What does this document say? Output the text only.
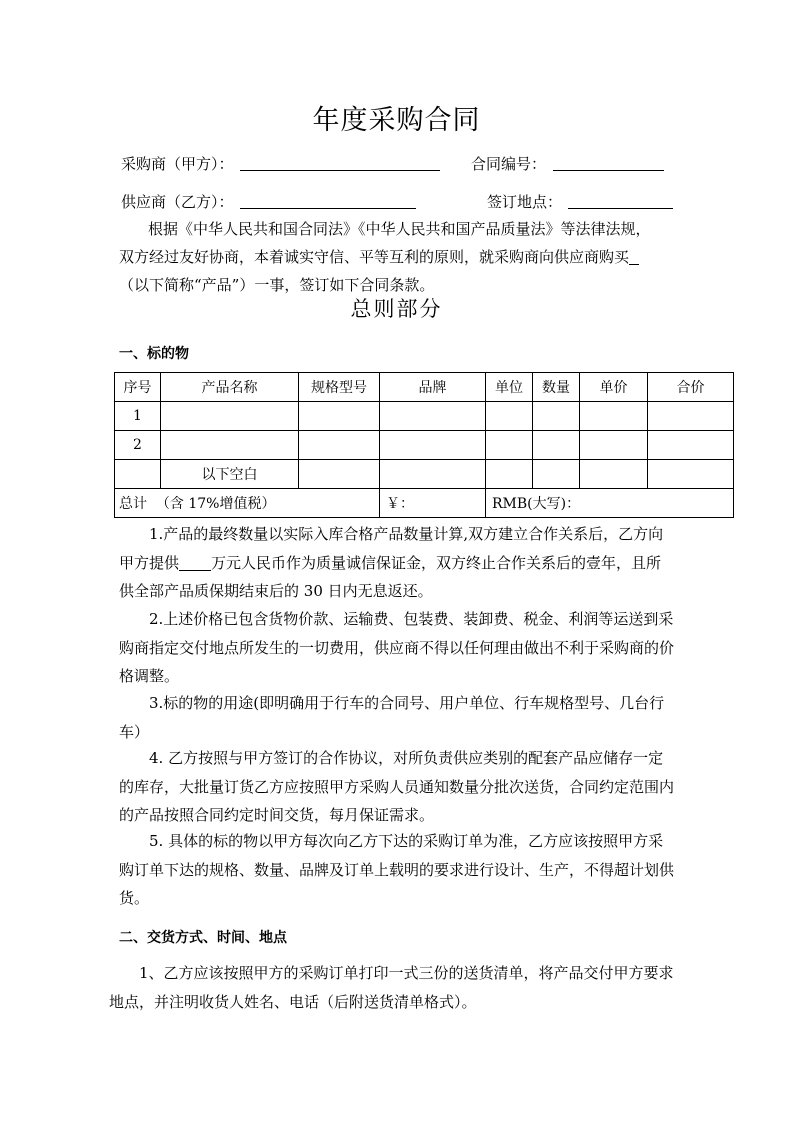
年度采购合同
采购商（甲方）：	合同编号：
供应商（乙方）：	签订地点：
根据《中华人民共和国合同法》《中华人民共和国产品质量法》等法律法规，
双方经过友好协商，本着诚实守信、平等互利的原则，就采购商向供应商购买
（以下简称“产品”）一事，签订如下合同条款。
总则部分
一、标的物
序号	产品名称	规格型号	品牌	单位	数量	单价	合价
1							
2							
	以下空白						
总计  （含 17%增值税）			￥：	RMB(大写)：			
1.产品的最终数量以实际入库合格产品数量计算,双方建立合作关系后，乙方向甲方提供 万元人民币作为质量诚信保证金，双方终止合作关系后的壹年，且所供全部产品质保期结束后的 30 日内无息返还。
2.上述价格已包含货物价款、运输费、包装费、装卸费、税金、利润等运送到采购商指定交付地点所发生的一切费用，供应商不得以任何理由做出不利于采购商的价格调整。
3.标的物的用途(即明确用于行车的合同号、用户单位、行车规格型号、几台行车）
4. 乙方按照与甲方签订的合作协议，对所负责供应类别的配套产品应储存一定的库存，大批量订货乙方应按照甲方采购人员通知数量分批次送货，合同约定范围内的产品按照合同约定时间交货，每月保证需求。
5. 具体的标的物以甲方每次向乙方下达的采购订单为准，乙方应该按照甲方采购订单下达的规格、数量、品牌及订单上载明的要求进行设计、生产，不得超计划供货。
二、交货方式、时间、地点
1、乙方应该按照甲方的采购订单打印一式三份的送货清单，将产品交付甲方要求地点，并注明收货人姓名、电话（后附送货清单格式）。
